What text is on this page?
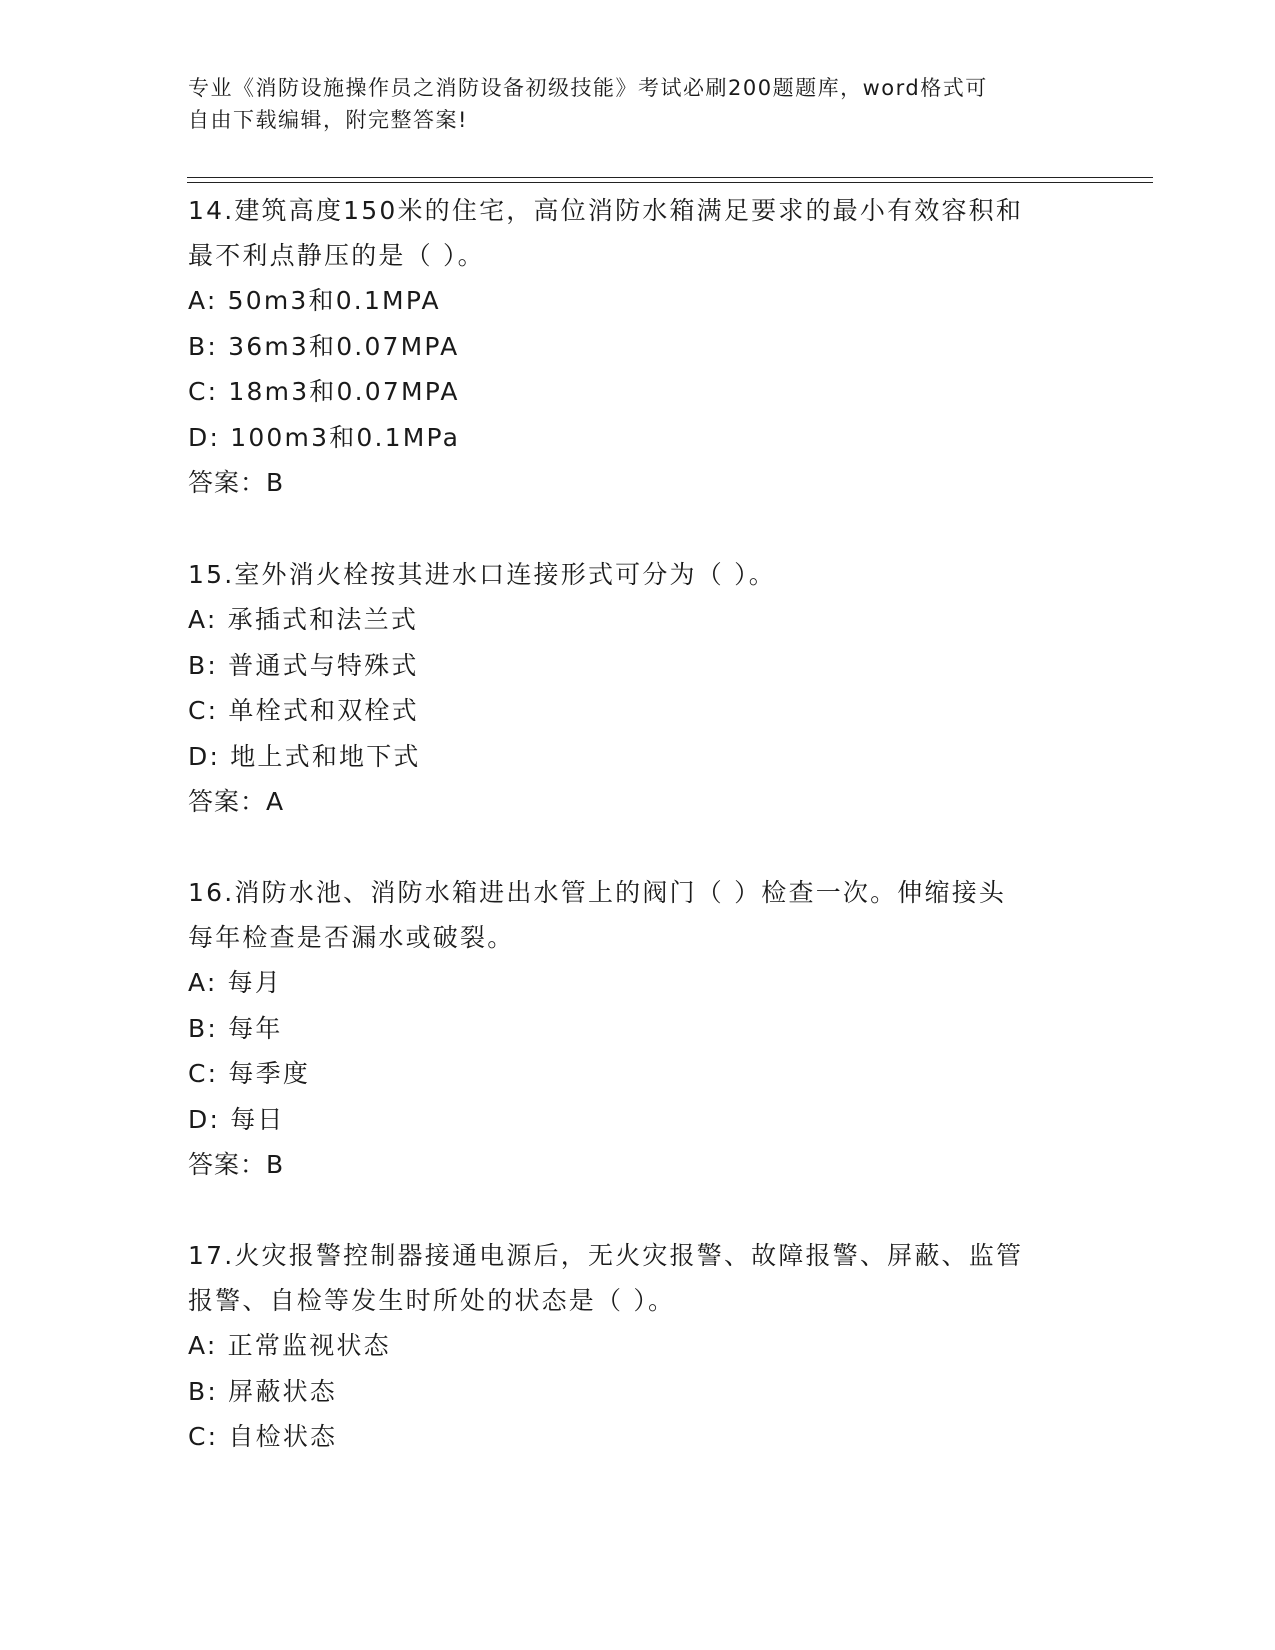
专业《消防设施操作员之消防设备初级技能》考试必刷200题题库，word格式可
自由下载编辑，附完整答案!
14.建筑高度150米的住宅，高位消防水箱满足要求的最小有效容积和
最不利点静压的是（ ）。
A: 50m3和0.1MPA
B: 36m3和0.07MPA
C: 18m3和0.07MPA
D: 100m3和0.1MPa
答案：B
15.室外消火栓按其进水口连接形式可分为（ ）。
A: 承插式和法兰式
B: 普通式与特殊式
C: 单栓式和双栓式
D: 地上式和地下式
答案：A
16.消防水池、消防水箱进出水管上的阀门（ ）检查一次。伸缩接头
每年检查是否漏水或破裂。
A: 每月
B: 每年
C: 每季度
D: 每日
答案：B
17.火灾报警控制器接通电源后，无火灾报警、故障报警、屏蔽、监管
报警、自检等发生时所处的状态是（ ）。
A: 正常监视状态
B: 屏蔽状态
C: 自检状态
